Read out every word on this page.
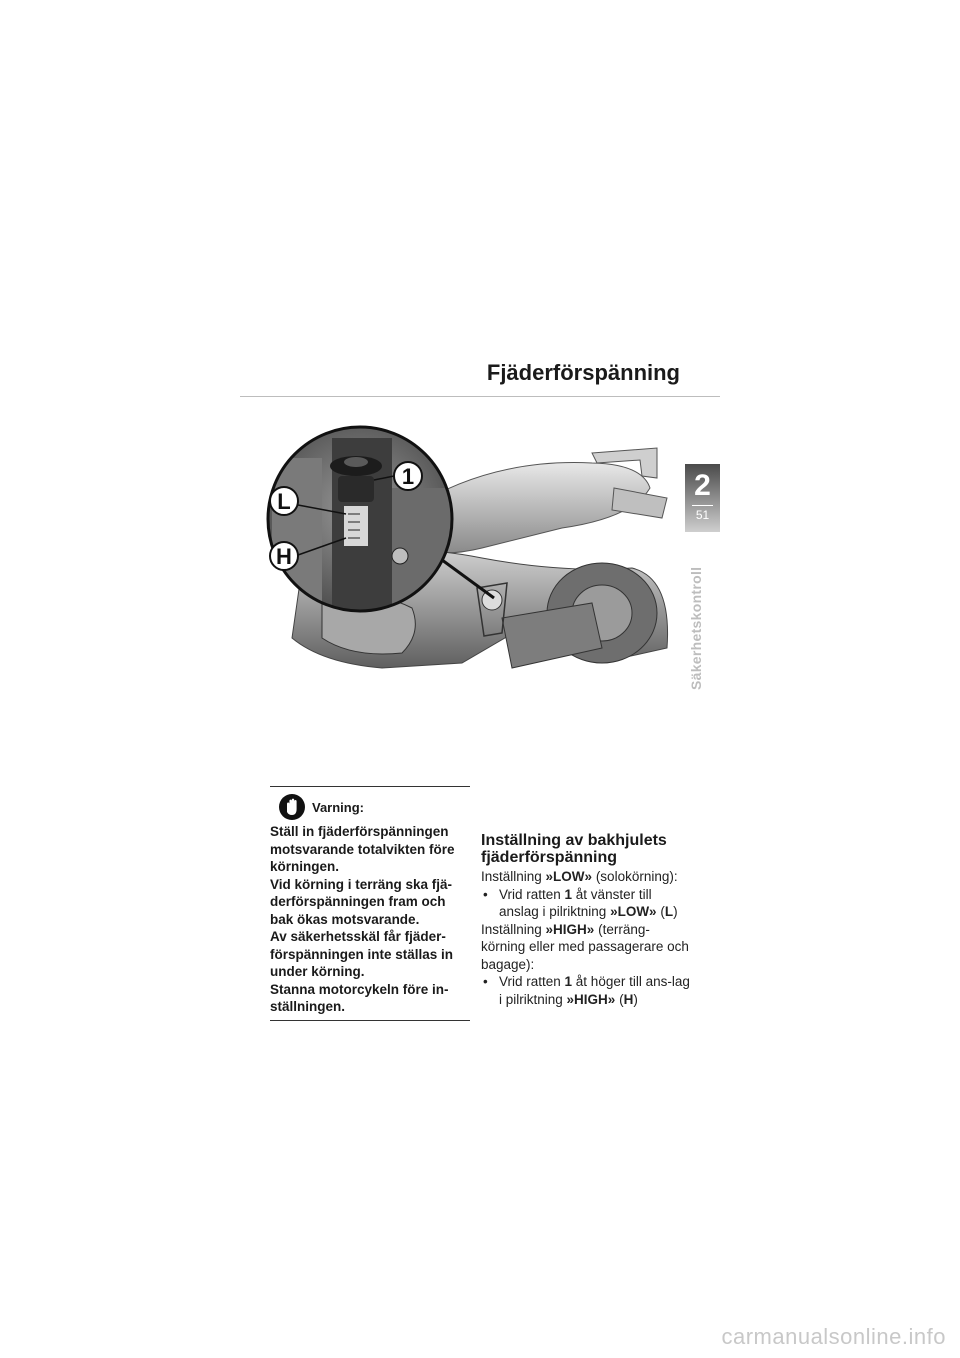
Fjäderförspänning
2
51
Säkerhetskontroll
1
L
H
Varning:
Ställ in fjäderförspänningen
motsvarande totalvikten före
körningen.
Vid körning i terräng ska fjä-
derförspänningen fram och
bak ökas motsvarande.
Av säkerhetsskäl får fjäder-
förspänningen inte ställas in
under körning.
Stanna motorcykeln före in-
ställningen.
Inställning av bakhjulets
fjäderförspänning
Inställning »LOW» (solokörning):
• Vrid ratten 1 åt vänster till anslag i pilriktning »LOW» (L)
Inställning »HIGH» (terräng-körning eller med passagerare och bagage):
• Vrid ratten 1 åt höger till ans-lag i pilriktning »HIGH» (H)
carmanualsonline.info
